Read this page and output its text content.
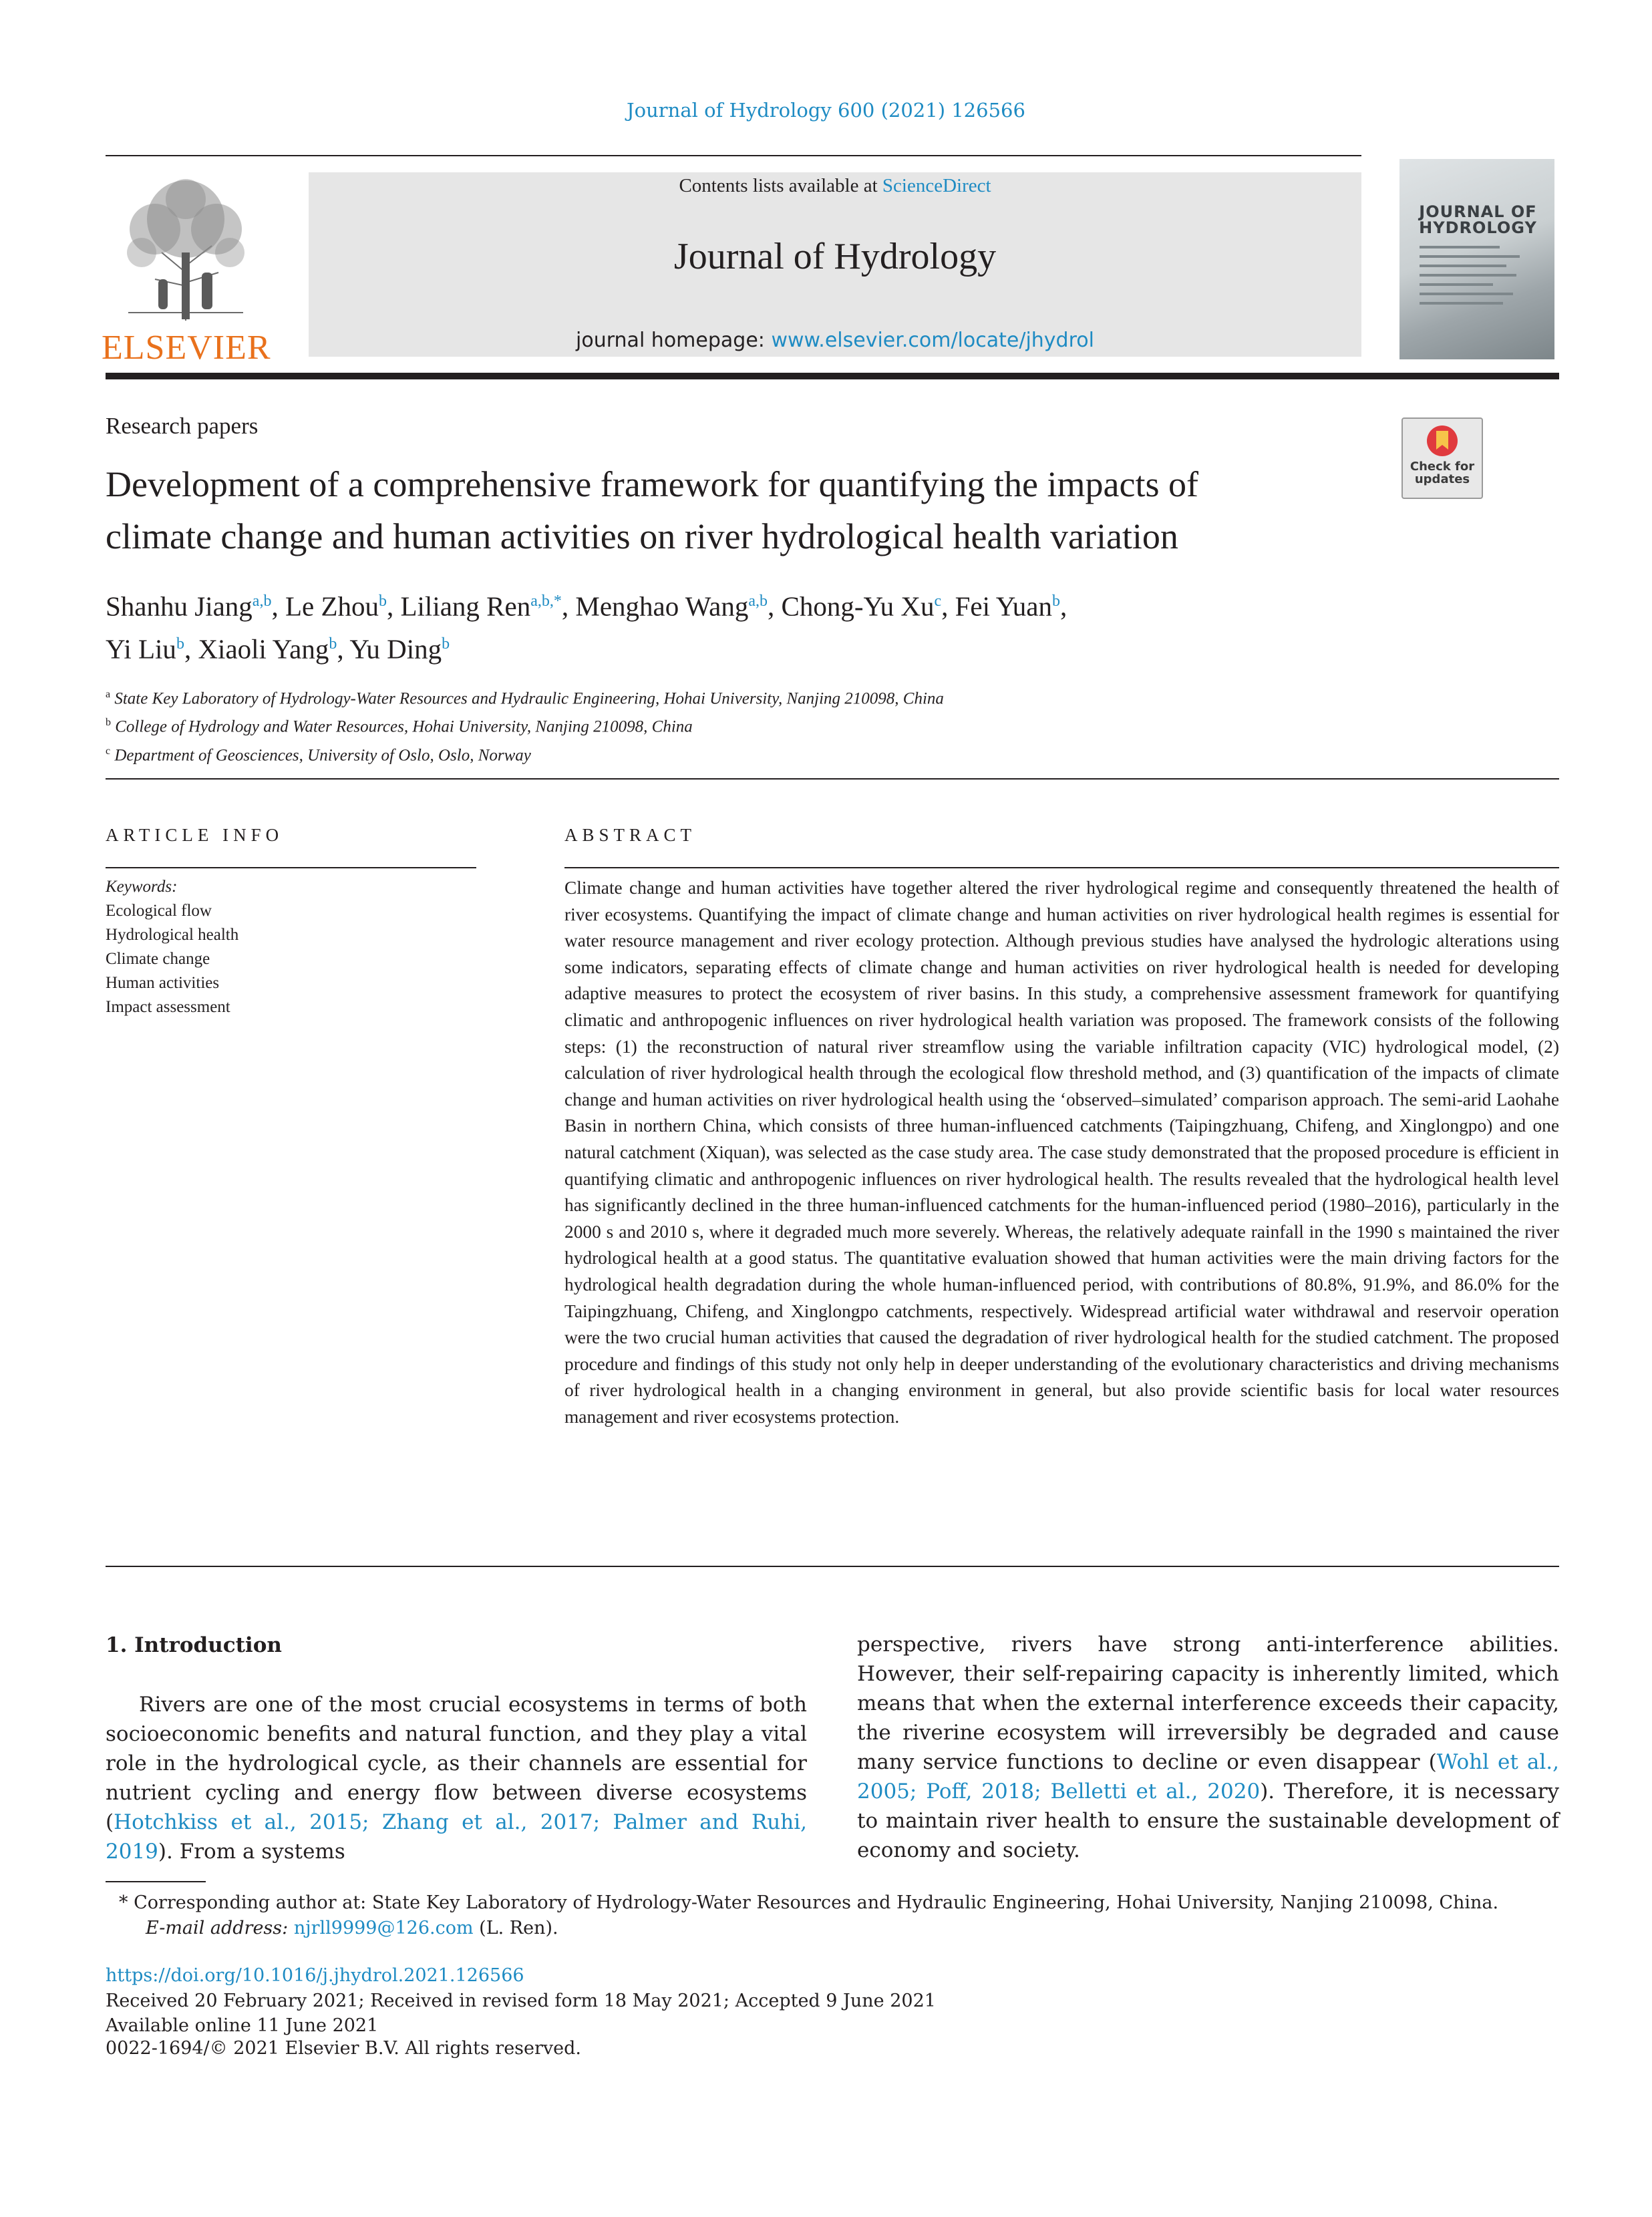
Journal of Hydrology 600 (2021) 126566
ELSEVIER
Contents lists available at ScienceDirect
Journal of Hydrology
journal homepage: www.elsevier.com/locate/jhydrol
JOURNAL OF HYDROLOGY
Research papers
Check for updates
Development of a comprehensive framework for quantifying the impacts of
climate change and human activities on river hydrological health variation
Shanhu Jiang$^{a,b}$, Le Zhou$^b$, Liliang Ren$^{a,b,*}$, Menghao Wang$^{a,b}$, Chong-Yu Xu$^c$, Fei Yuan$^b$,
Yi Liu$^b$, Xiaoli Yang$^b$, Yu Ding$^b$
$^a$ State Key Laboratory of Hydrology-Water Resources and Hydraulic Engineering, Hohai University, Nanjing 210098, China
$^b$ College of Hydrology and Water Resources, Hohai University, Nanjing 210098, China
$^c$ Department of Geosciences, University of Oslo, Oslo, Norway
ARTICLE INFO	ABSTRACT
Keywords:
Ecological flow
Hydrological health
Climate change
Human activities
Impact assessment
Climate change and human activities have together altered the river hydrological regime and consequently threatened the health of river ecosystems. Quantifying the impact of climate change and human activities on river hydrological health regimes is essential for water resource management and river ecology protection. Although previous studies have analysed the hydrologic alterations using some indicators, separating effects of climate change and human activities on river hydrological health is needed for developing adaptive measures to protect the ecosystem of river basins. In this study, a comprehensive assessment framework for quantifying climatic and anthropogenic influences on river hydrological health variation was proposed. The framework consists of the following steps: (1) the reconstruction of natural river streamflow using the variable infiltration capacity (VIC) hydrological model, (2) calculation of river hydrological health through the ecological flow threshold method, and (3) quantification of the impacts of climate change and human activities on river hydrological health using the ‘observed–simulated’ comparison approach. The semi-arid Laohahe Basin in northern China, which consists of three human-influenced catchments (Taipingzhuang, Chifeng, and Xinglongpo) and one natural catchment (Xiquan), was selected as the case study area. The case study demonstrated that the proposed procedure is efficient in quantifying climatic and anthropogenic influences on river hydrological health. The results revealed that the hydrological health level has significantly declined in the three human-influenced catchments for the human-influenced period (1980–2016), particularly in the 2000 s and 2010 s, where it degraded much more severely. Whereas, the relatively adequate rainfall in the 1990 s maintained the river hydrological health at a good status. The quantitative evaluation showed that human activities were the main driving factors for the hydrological health degradation during the whole human-influenced period, with contributions of 80.8%, 91.9%, and 86.0% for the Taipingzhuang, Chifeng, and Xinglongpo catchments, respectively. Widespread artificial water withdrawal and reservoir operation were the two crucial human activities that caused the degradation of river hydrological health for the studied catchment. The proposed procedure and findings of this study not only help in deeper understanding of the evolutionary characteristics and driving mechanisms of river hydrological health in a changing environment in general, but also provide scientific basis for local water resources management and river ecosystems protection.
1. Introduction
Rivers are one of the most crucial ecosystems in terms of both socioeconomic benefits and natural function, and they play a vital role in the hydrological cycle, as their channels are essential for nutrient cycling and energy flow between diverse ecosystems (Hotchkiss et al., 2015; Zhang et al., 2017; Palmer and Ruhi, 2019). From a systems
perspective, rivers have strong anti-interference abilities. However, their self-repairing capacity is inherently limited, which means that when the external interference exceeds their capacity, the riverine ecosystem will irreversibly be degraded and cause many service functions to decline or even disappear (Wohl et al., 2005; Poff, 2018; Belletti et al., 2020). Therefore, it is necessary to maintain river health to ensure the sustainable development of economy and society.
* Corresponding author at: State Key Laboratory of Hydrology-Water Resources and Hydraulic Engineering, Hohai University, Nanjing 210098, China.
E-mail address: njrll9999@126.com (L. Ren).
https://doi.org/10.1016/j.jhydrol.2021.126566
Received 20 February 2021; Received in revised form 18 May 2021; Accepted 9 June 2021
Available online 11 June 2021
0022-1694/© 2021 Elsevier B.V. All rights reserved.
